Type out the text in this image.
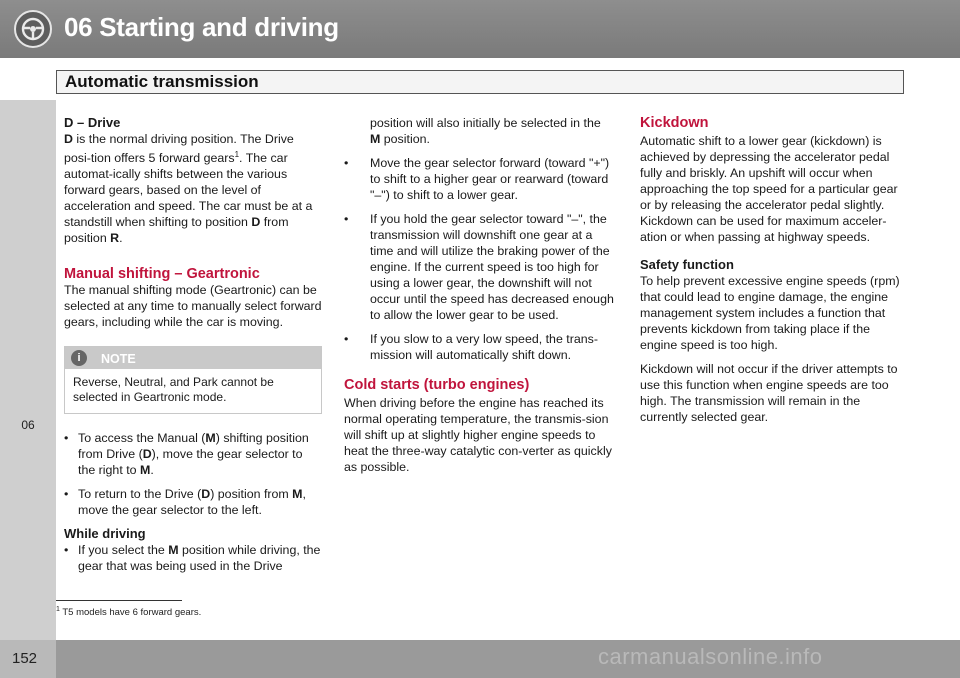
06 Starting and driving
Automatic transmission
06

D – Drive

D is the normal driving position. The Drive posi-tion offers 5 forward gears$^1$. The car automat-ically shifts between the various forward gears, based on the level of acceleration and speed. The car must be at a standstill when shifting to position D from position R.

Manual shifting – Geartronic

The manual shifting mode (Geartronic) can be selected at any time to manually select forward gears, including while the car is moving.

i	NOTE
Reverse, Neutral, and Park cannot be selected in Geartronic mode.
• To access the Manual (M) shifting position from Drive (D), move the gear selector to the right to M.
• To return to the Drive (D) position from M, move the gear selector to the left.

While driving

• If you select the M position while driving, the gear that was being used in the Drive

position will also initially be selected in the M position.

• Move the gear selector forward (toward "+") to shift to a higher gear or rearward (toward "–") to shift to a lower gear.
• If you hold the gear selector toward "–", the transmission will downshift one gear at a time and will utilize the braking power of the engine. If the current speed is too high for using a lower gear, the downshift will not occur until the speed has decreased enough to allow the lower gear to be used.
• If you slow to a very low speed, the trans-mission will automatically shift down.

Cold starts (turbo engines)

When driving before the engine has reached its normal operating temperature, the transmis-sion will shift up at slightly higher engine speeds to heat the three-way catalytic con-verter as quickly as possible.

Kickdown

Automatic shift to a lower gear (kickdown) is achieved by depressing the accelerator pedal fully and briskly. An upshift will occur when approaching the top speed for a particular gear or by releasing the accelerator pedal slightly. Kickdown can be used for maximum acceler-ation or when passing at highway speeds.

Safety function

To help prevent excessive engine speeds (rpm) that could lead to engine damage, the engine management system includes a function that prevents kickdown from taking place if the engine speed is too high.

Kickdown will not occur if the driver attempts to use this function when engine speeds are too high. The transmission will remain in the currently selected gear.

$^1$ T5 models have 6 forward gears.
152	carmanualsonline.info
